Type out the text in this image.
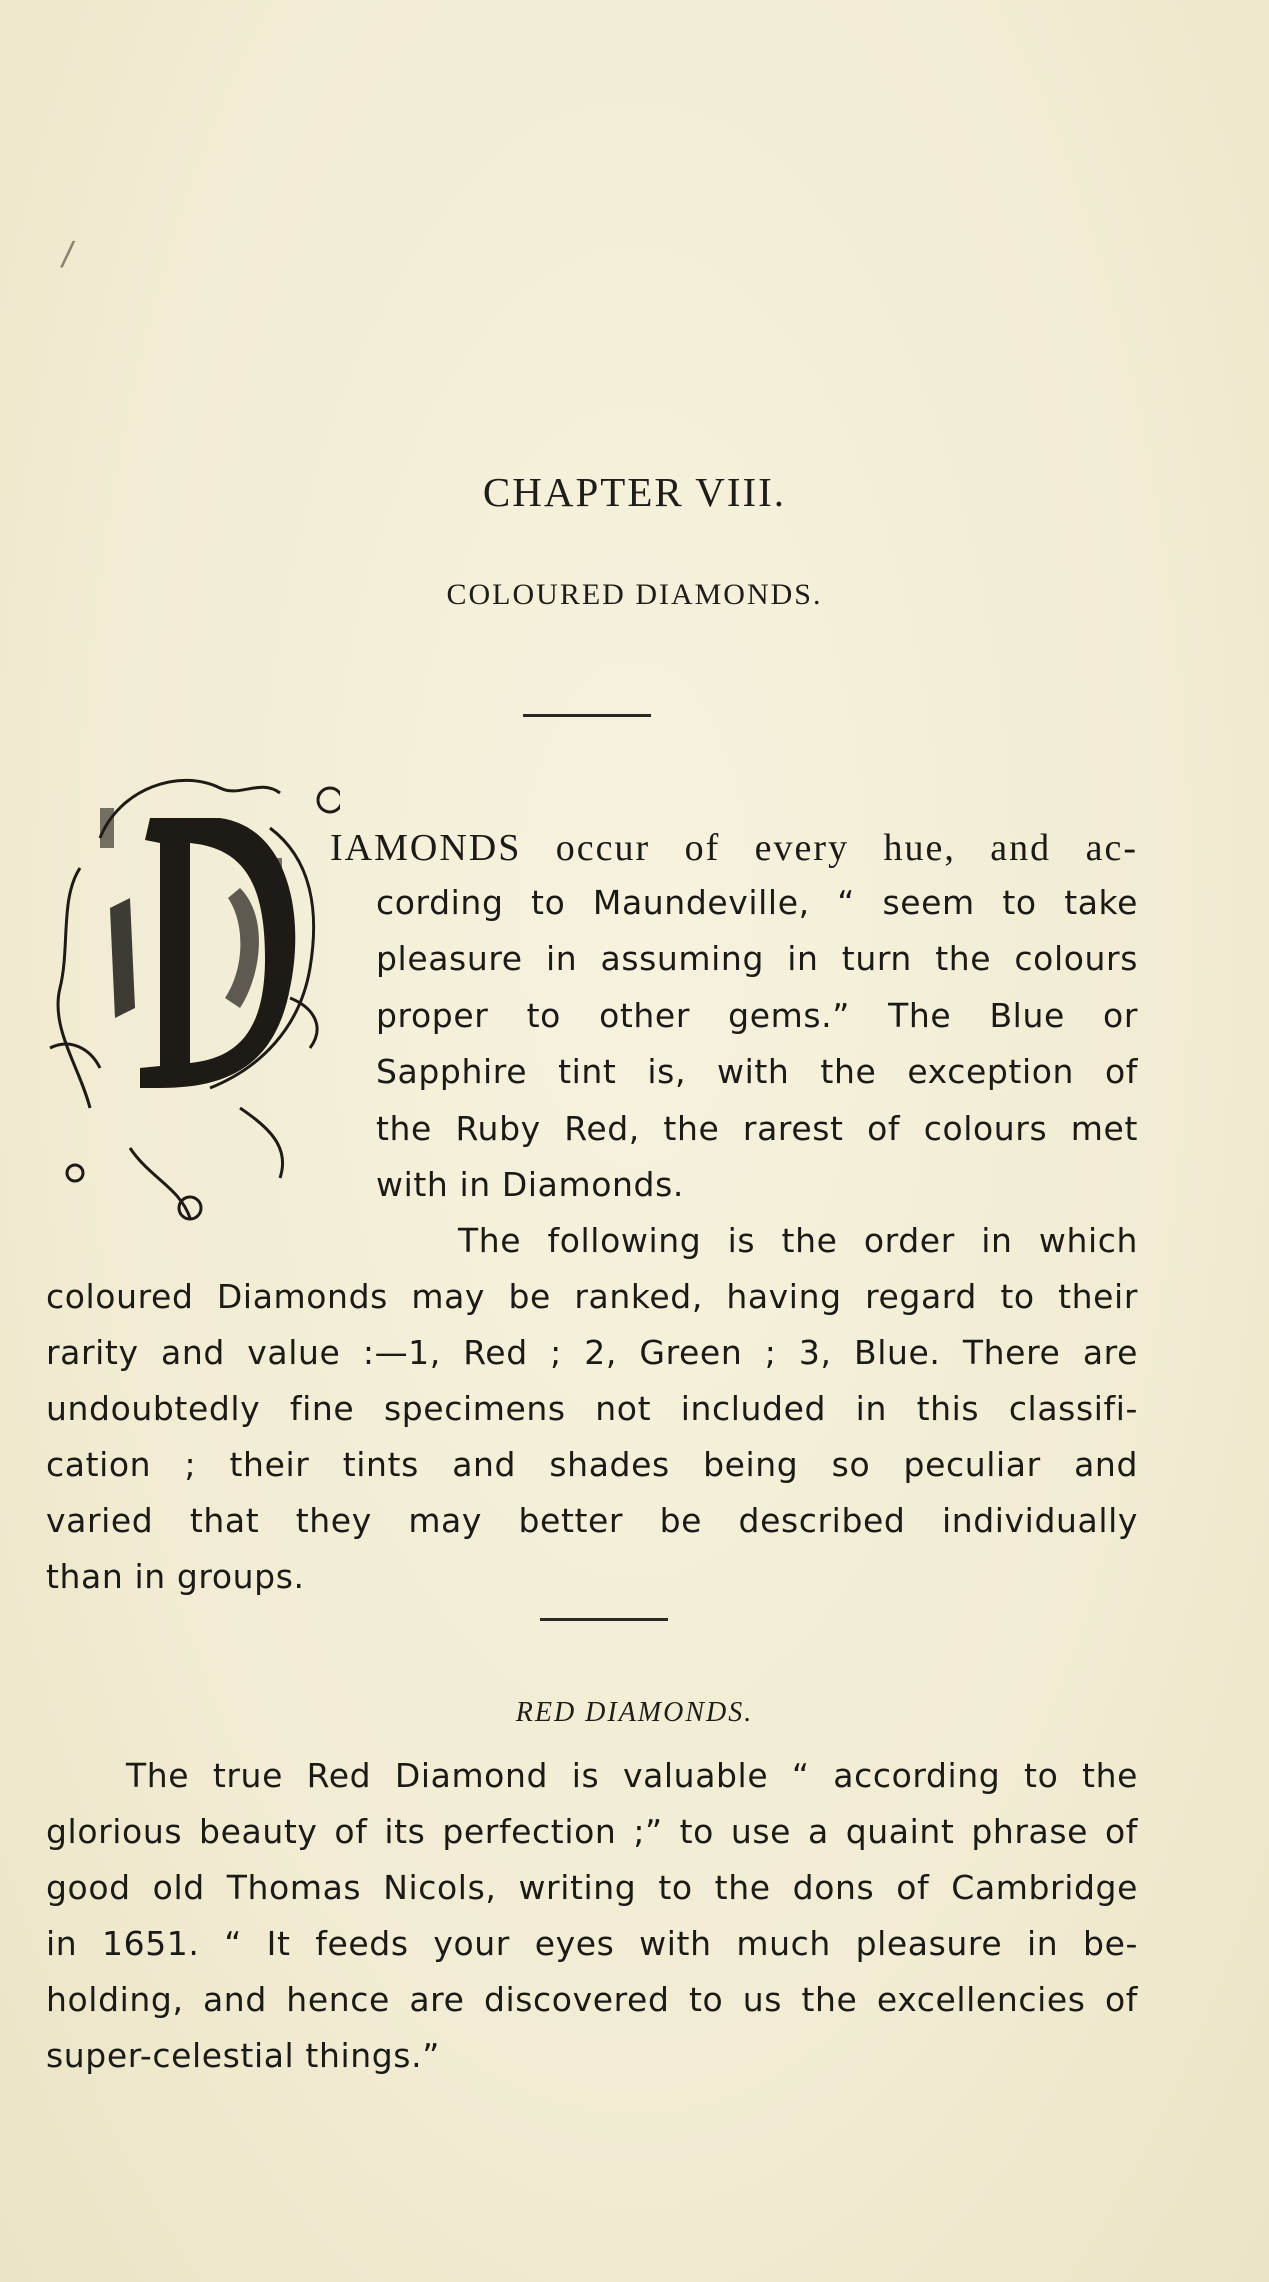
/
CHAPTER VIII.
COLOURED DIAMONDS.
IAMONDS occur of every hue, and ac-
cording to Maundeville, “ seem to take
pleasure in assuming in turn the colours
proper to other gems.” The Blue or
Sapphire tint is, with the exception of
the Ruby Red, the rarest of colours met
with in Diamonds.
The following is the order in which
coloured Diamonds may be ranked, having regard to their
rarity and value :—1, Red ; 2, Green ; 3, Blue. There are
undoubtedly fine specimens not included in this classifi-
cation ; their tints and shades being so peculiar and
varied that they may better be described individually
than in groups.
RED DIAMONDS.
The true Red Diamond is valuable “ according to the
glorious beauty of its perfection ;” to use a quaint phrase of
good old Thomas Nicols, writing to the dons of Cambridge
in 1651. “ It feeds your eyes with much pleasure in be-
holding, and hence are discovered to us the excellencies of
super-celestial things.”
